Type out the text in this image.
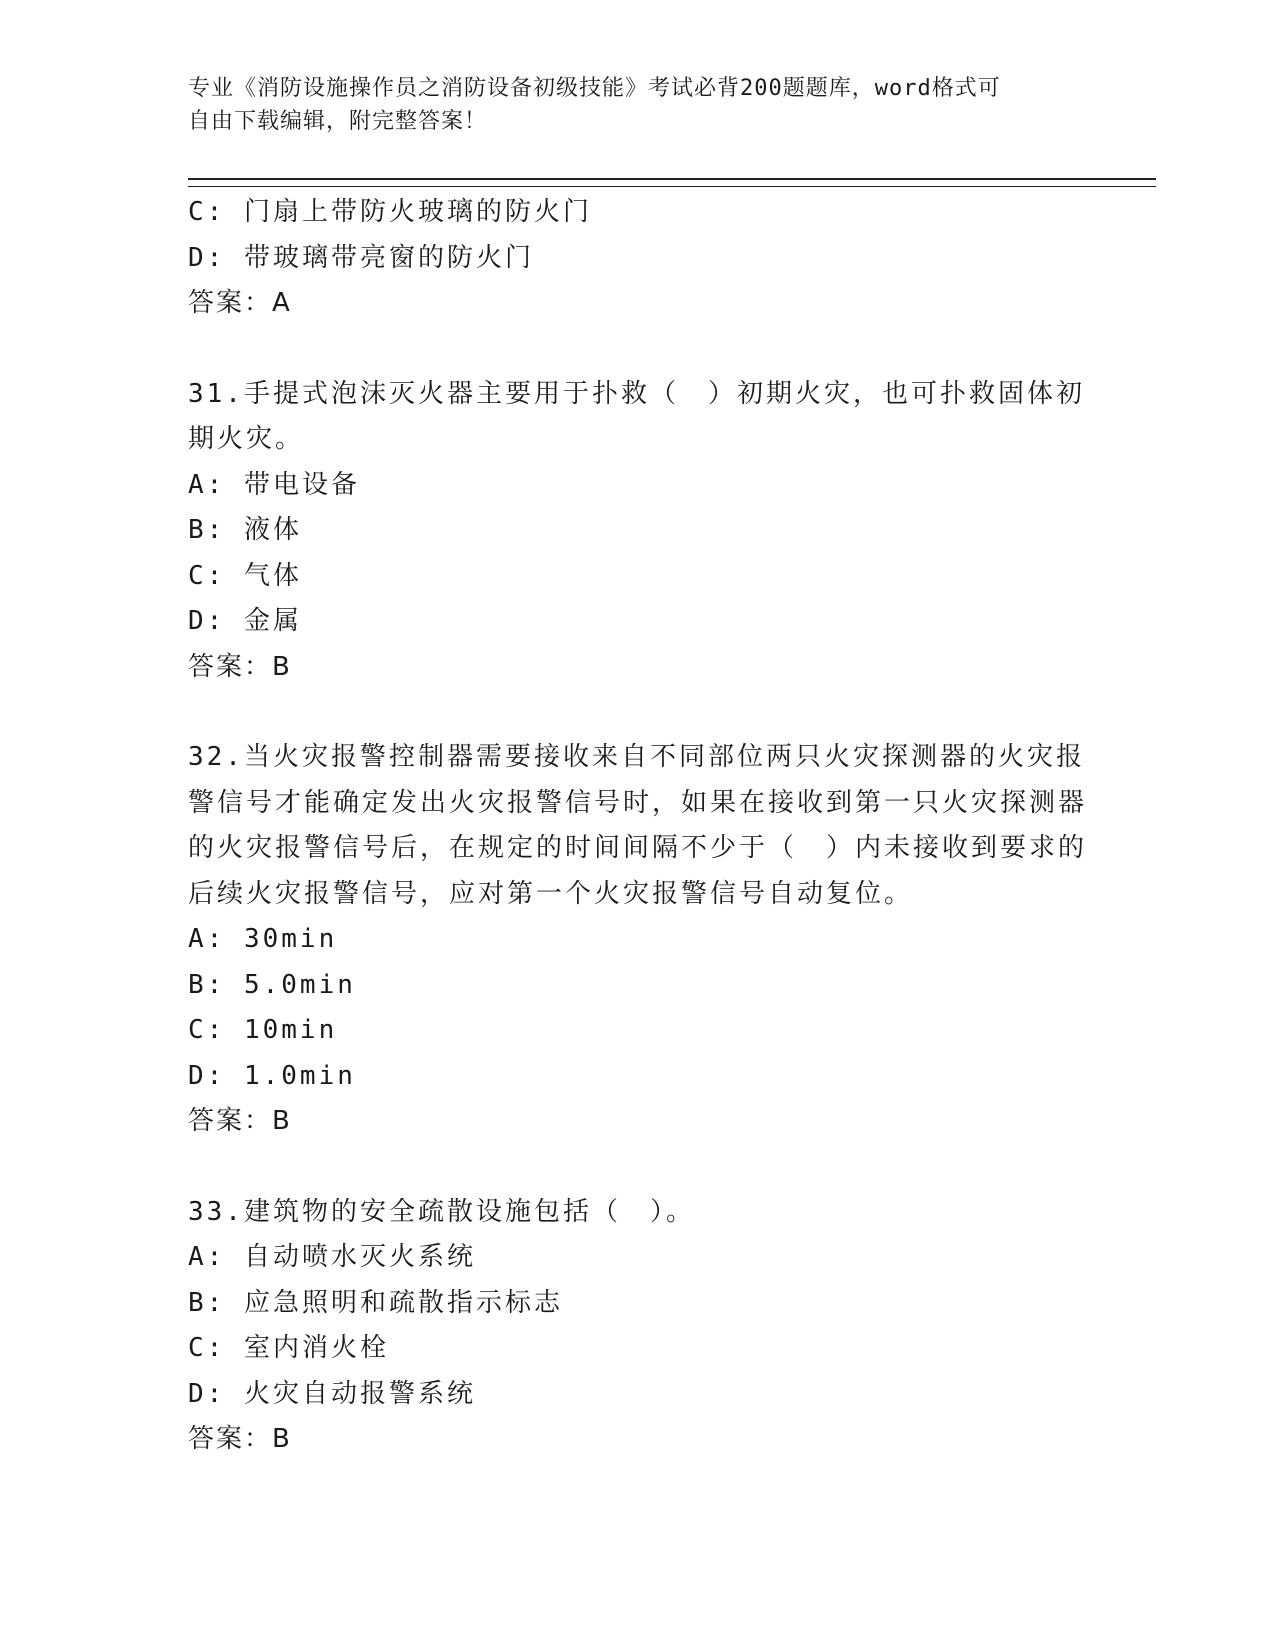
专业《消防设施操作员之消防设备初级技能》考试必背200题题库，word格式可
自由下载编辑，附完整答案！
C: 门扇上带防火玻璃的防火门
D: 带玻璃带亮窗的防火门
答案：A
31.手提式泡沫灭火器主要用于扑救（　）初期火灾，也可扑救固体初期火灾。
A: 带电设备
B: 液体
C: 气体
D: 金属
答案：B
32.当火灾报警控制器需要接收来自不同部位两只火灾探测器的火灾报警信号才能确定发出火灾报警信号时，如果在接收到第一只火灾探测器的火灾报警信号后，在规定的时间间隔不少于（　）内未接收到要求的后续火灾报警信号，应对第一个火灾报警信号自动复位。
A: 30min
B: 5.0min
C: 10min
D: 1.0min
答案：B
33.建筑物的安全疏散设施包括（　）。
A: 自动喷水灭火系统
B: 应急照明和疏散指示标志
C: 室内消火栓
D: 火灾自动报警系统
答案：B
